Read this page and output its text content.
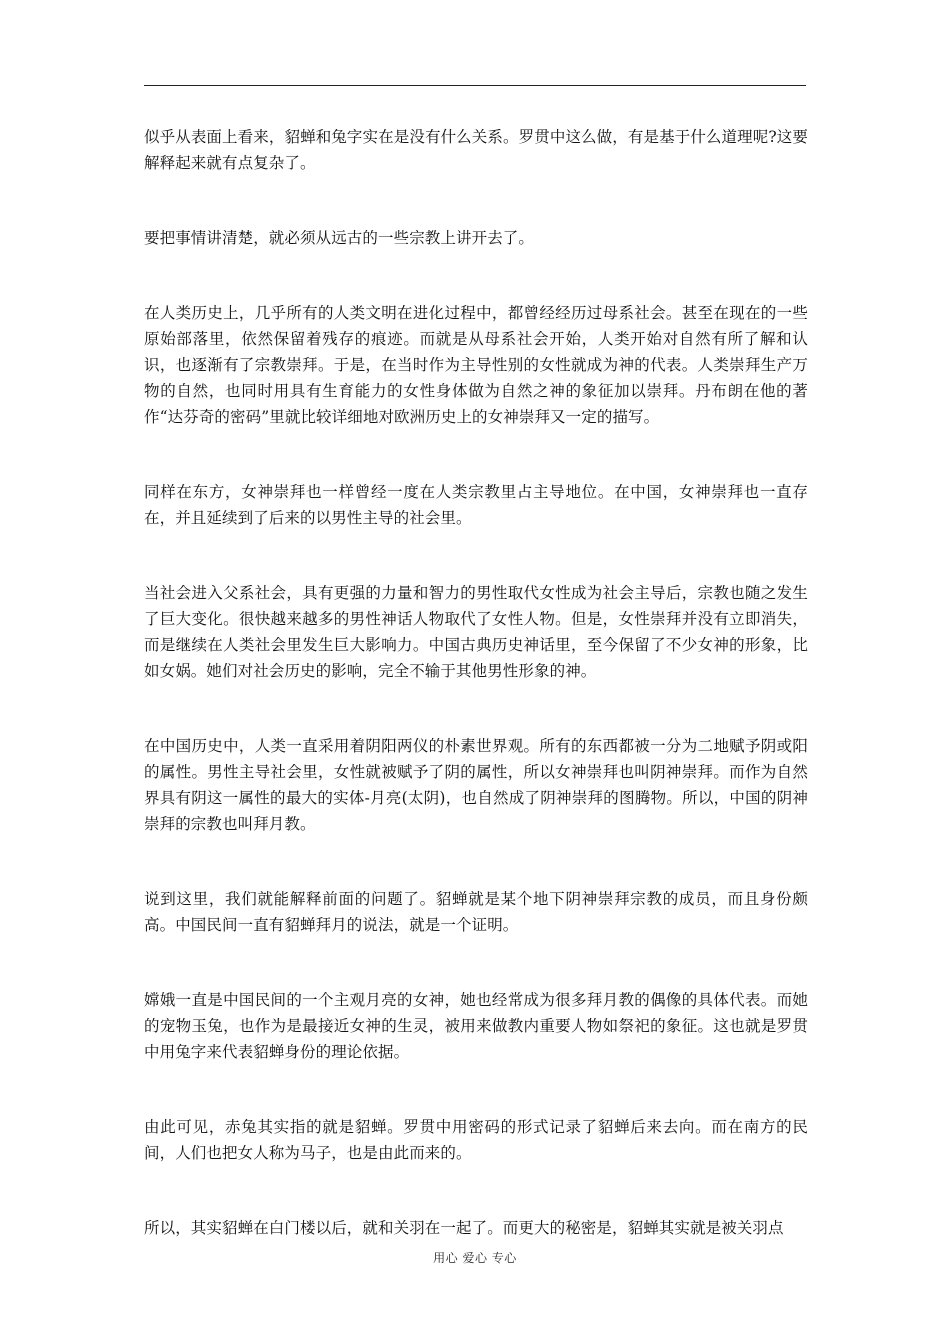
似乎从表面上看来，貂蝉和兔字实在是没有什么关系。罗贯中这么做，有是基于什么道理呢?这要解释起来就有点复杂了。

要把事情讲清楚，就必须从远古的一些宗教上讲开去了。

在人类历史上，几乎所有的人类文明在进化过程中，都曾经经历过母系社会。甚至在现在的一些原始部落里，依然保留着残存的痕迹。而就是从母系社会开始，人类开始对自然有所了解和认识，也逐渐有了宗教崇拜。于是，在当时作为主导性别的女性就成为神的代表。人类崇拜生产万物的自然，也同时用具有生育能力的女性身体做为自然之神的象征加以崇拜。丹布朗在他的著作“达芬奇的密码”里就比较详细地对欧洲历史上的女神崇拜又一定的描写。

同样在东方，女神崇拜也一样曾经一度在人类宗教里占主导地位。在中国，女神崇拜也一直存在，并且延续到了后来的以男性主导的社会里。

当社会进入父系社会，具有更强的力量和智力的男性取代女性成为社会主导后，宗教也随之发生了巨大变化。很快越来越多的男性神话人物取代了女性人物。但是，女性崇拜并没有立即消失，而是继续在人类社会里发生巨大影响力。中国古典历史神话里，至今保留了不少女神的形象，比如女娲。她们对社会历史的影响，完全不输于其他男性形象的神。

在中国历史中，人类一直采用着阴阳两仪的朴素世界观。所有的东西都被一分为二地赋予阴或阳的属性。男性主导社会里，女性就被赋予了阴的属性，所以女神崇拜也叫阴神崇拜。而作为自然界具有阴这一属性的最大的实体-月亮(太阴)，也自然成了阴神崇拜的图腾物。所以，中国的阴神崇拜的宗教也叫拜月教。

说到这里，我们就能解释前面的问题了。貂蝉就是某个地下阴神崇拜宗教的成员，而且身份颇高。中国民间一直有貂蝉拜月的说法，就是一个证明。

嫦娥一直是中国民间的一个主观月亮的女神，她也经常成为很多拜月教的偶像的具体代表。而她的宠物玉兔，也作为是最接近女神的生灵，被用来做教内重要人物如祭祀的象征。这也就是罗贯中用兔字来代表貂蝉身份的理论依据。

由此可见，赤兔其实指的就是貂蝉。罗贯中用密码的形式记录了貂蝉后来去向。而在南方的民间，人们也把女人称为马子，也是由此而来的。

所以，其实貂蝉在白门楼以后，就和关羽在一起了。而更大的秘密是，貂蝉其实就是被关羽点

用心 爱心 专心
